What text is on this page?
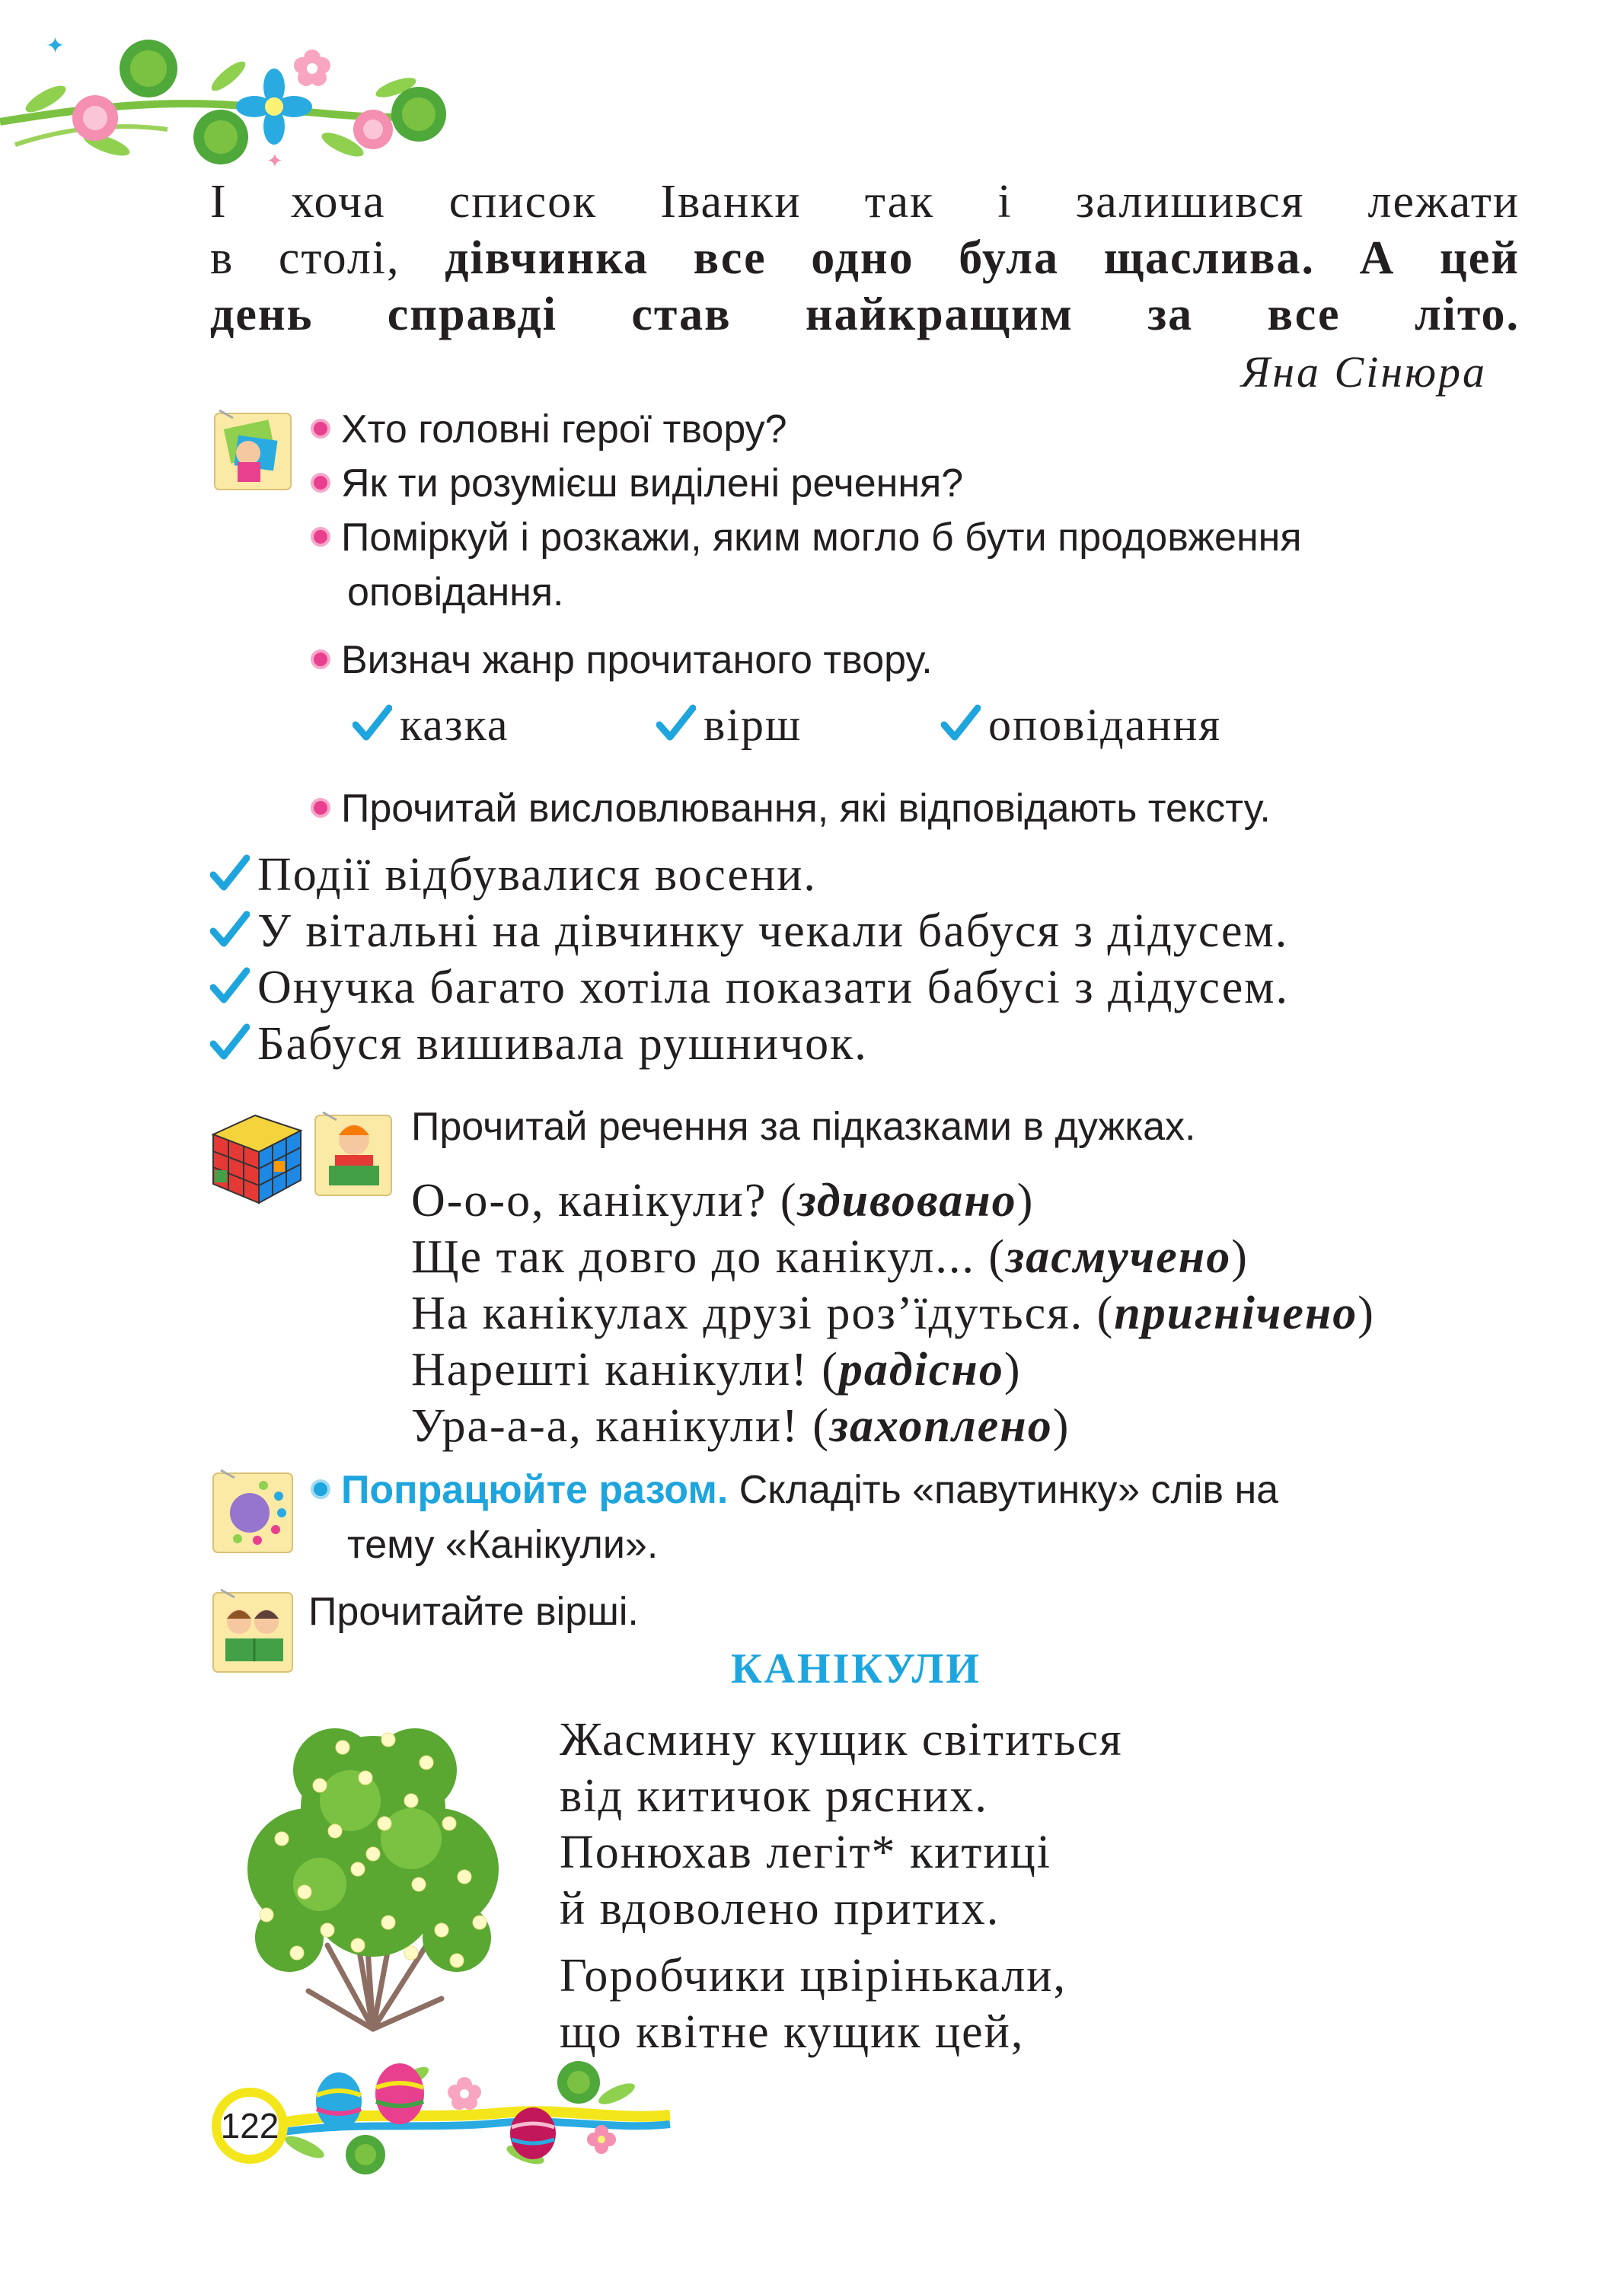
✦
✦
І хоча список Іванки так і залишився лежати
в столі, дівчинка все одно була щаслива. А цей
день справді став найкращим за все літо.
Яна Сінюра
Хто головні герої твору?
Як ти розумієш виділені речення?
Поміркуй і розкажи, яким могло б бути продовження
оповідання.
Визнач жанр прочитаного твору.
казка	вірш	оповідання
Прочитай висловлювання, які відповідають тексту.
Події відбувалися восени.
У вітальні на дівчинку чекали бабуся з дідусем.
Онучка багато хотіла показати бабусі з дідусем.
Бабуся вишивала рушничок.
Прочитай речення за підказками в дужках.
О-о-о, канікули? (здивовано)
Ще так довго до канікул... (засмучено)
На канікулах друзі роз’їдуться. (пригнічено)
Нарешті канікули! (радісно)
Ура-а-а, канікули! (захоплено)
Попрацюйте разом. Складіть «павутинку» слів на
тему «Канікули».
Прочитайте вірші.
КАНІКУЛИ
Жасмину кущик світиться
від китичок рясних.
Понюхав легіт* китиці
й вдоволено притих.
Горобчики цвірінькали,
що квітне кущик цей,
122
